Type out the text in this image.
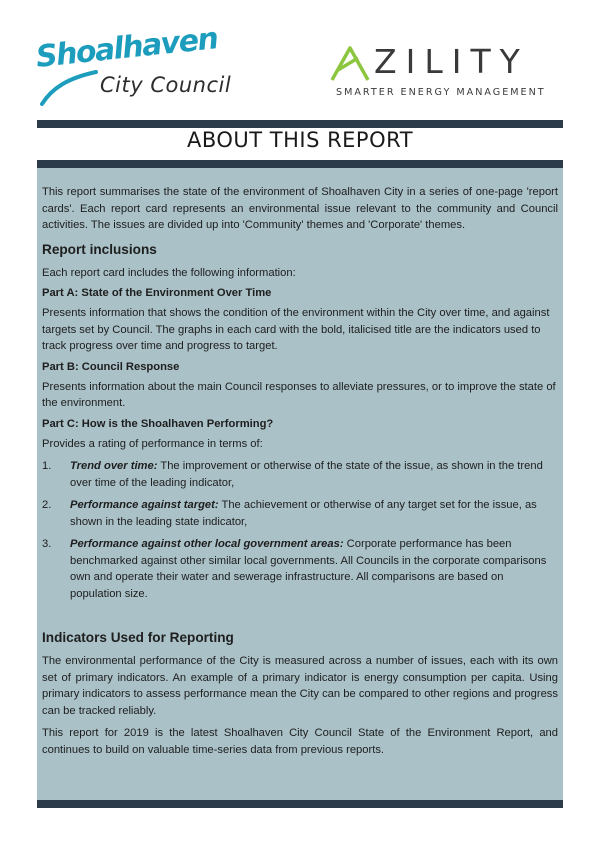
Shoalhaven
City Council
ZILITY
SMARTER ENERGY MANAGEMENT
ABOUT THIS REPORT

This report summarises the state of the environment of Shoalhaven City in a series of one-page 'report cards'. Each report card represents an environmental issue relevant to the community and Council activities. The issues are divided up into 'Community' themes and 'Corporate' themes.

Report inclusions

Each report card includes the following information:

Part A: State of the Environment Over Time

Presents information that shows the condition of the environment within the City over time, and against targets set by Council. The graphs in each card with the bold, italicised title are the indicators used to track progress over time and progress to target.

Part B: Council Response

Presents information about the main Council responses to alleviate pressures, or to improve the state of the environment.

Part C: How is the Shoalhaven Performing?

Provides a rating of performance in terms of:

1. Trend over time: The improvement or otherwise of the state of the issue, as shown in the trend over time of the leading indicator,
2. Performance against target: The achievement or otherwise of any target set for the issue, as shown in the leading state indicator,
3. Performance against other local government areas: Corporate performance has been benchmarked against other similar local governments. All Councils in the corporate comparisons own and operate their water and sewerage infrastructure. All comparisons are based on population size.
Indicators Used for Reporting

The environmental performance of the City is measured across a number of issues, each with its own set of primary indicators. An example of a primary indicator is energy consumption per capita. Using primary indicators to assess performance mean the City can be compared to other regions and progress can be tracked reliably.

This report for 2019 is the latest Shoalhaven City Council State of the Environment Report, and continues to build on valuable time-series data from previous reports.
